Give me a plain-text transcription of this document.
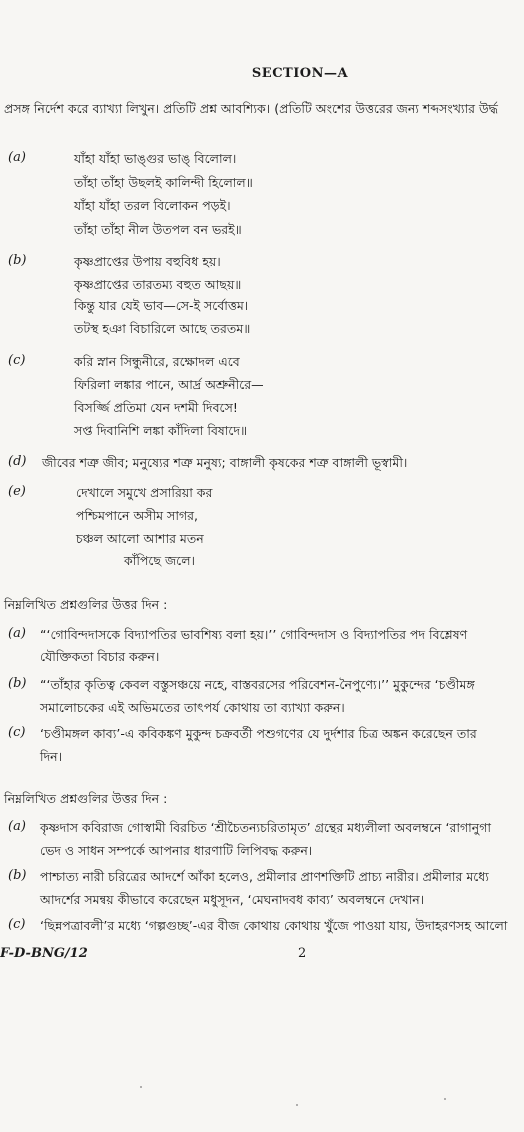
SECTION—A
প্রসঙ্গ নির্দেশ করে ব্যাখ্যা লিখুন। প্রতিটি প্রশ্ন আবশ্যিক। (প্রতিটি অংশের উত্তরের জন্য শব্দসংখ্যার উর্দ্ধ
(a)	যাঁহা যাঁহা ভাঙ্গুর ভাঙ্ বিলোল।
তাঁহা তাঁহা উছলই কালিন্দী হিলোল॥
যাঁহা যাঁহা তরল বিলোকন পড়ই।
তাঁহা তাঁহা নীল উতপল বন ভরই॥
(b)	কৃষ্ণপ্রাপ্তের উপায় বহুবিধ হয়।
কৃষ্ণপ্রাপ্তের তারতম্য বহুত আছয়॥
কিন্তু যার যেই ভাব—সে-ই সর্বোত্তম।
তটস্থ হঞা বিচারিলে আছে তরতম॥
(c)	করি স্নান সিন্ধুনীরে, রক্ষোদল এবে
ফিরিলা লঙ্কার পানে, আর্দ্র অশ্রুনীরে—
বিসর্জ্জি প্রতিমা যেন দশমী দিবসে!
সপ্ত দিবানিশি লঙ্কা কাঁদিলা বিষাদে॥
(d) জীবের শত্রু জীব; মনুষ্যের শত্রু মনুষ্য; বাঙ্গালী কৃষকের শত্রু বাঙ্গালী ভূস্বামী।
(e)	দেখালে সমুখে প্রসারিয়া কর
পশ্চিমপানে অসীম সাগর,
চঞ্চল আলো আশার মতন
কাঁপিছে জলে।
নিম্নলিখিত প্রশ্নগুলির উত্তর দিন :
(a) “‘গোবিন্দদাসকে বিদ্যাপতির ভাবশিষ্য বলা হয়।’’ গোবিন্দদাস ও বিদ্যাপতির পদ বিশ্লেষণ
যৌক্তিকতা বিচার করুন।
(b) “‘তাঁহার কৃতিত্ব কেবল বস্তুসঞ্চয়ে নহে, বাস্তবরসের পরিবেশন-নৈপুণ্যে।’’ মুকুন্দের ‘চণ্ডীমঙ্গ
সমালোচকের এই অভিমতের তাৎপর্য কোথায় তা ব্যাখ্যা করুন।
(c) ‘চণ্ডীমঙ্গল কাব্য’-এ কবিকঙ্কণ মুকুন্দ চক্রবর্তী পশুগণের যে দুর্দশার চিত্র অঙ্কন করেছেন তার
দিন।
নিম্নলিখিত প্রশ্নগুলির উত্তর দিন :
(a) কৃষ্ণদাস কবিরাজ গোস্বামী বিরচিত ‘শ্রীচৈতন্যচরিতামৃত’ গ্রন্থের মধ্যলীলা অবলম্বনে ‘রাগানুগা
ভেদ ও সাধন সম্পর্কে আপনার ধারণাটি লিপিবদ্ধ করুন।
(b) পাশ্চাত্য নারী চরিত্রের আদর্শে আঁকা হলেও, প্রমীলার প্রাণশক্তিটি প্রাচ্য নারীর। প্রমীলার মধ্যে
আদর্শের সমন্বয় কীভাবে করেছেন মধুসূদন, ‘মেঘনাদবধ কাব্য’ অবলম্বনে দেখান।
(c) ‘ছিন্নপত্রাবলী’র মধ্যে ‘গল্পগুচ্ছ’-এর বীজ কোথায় কোথায় খুঁজে পাওয়া যায়, উদাহরণসহ আলো
F-D-BNG/12	2
